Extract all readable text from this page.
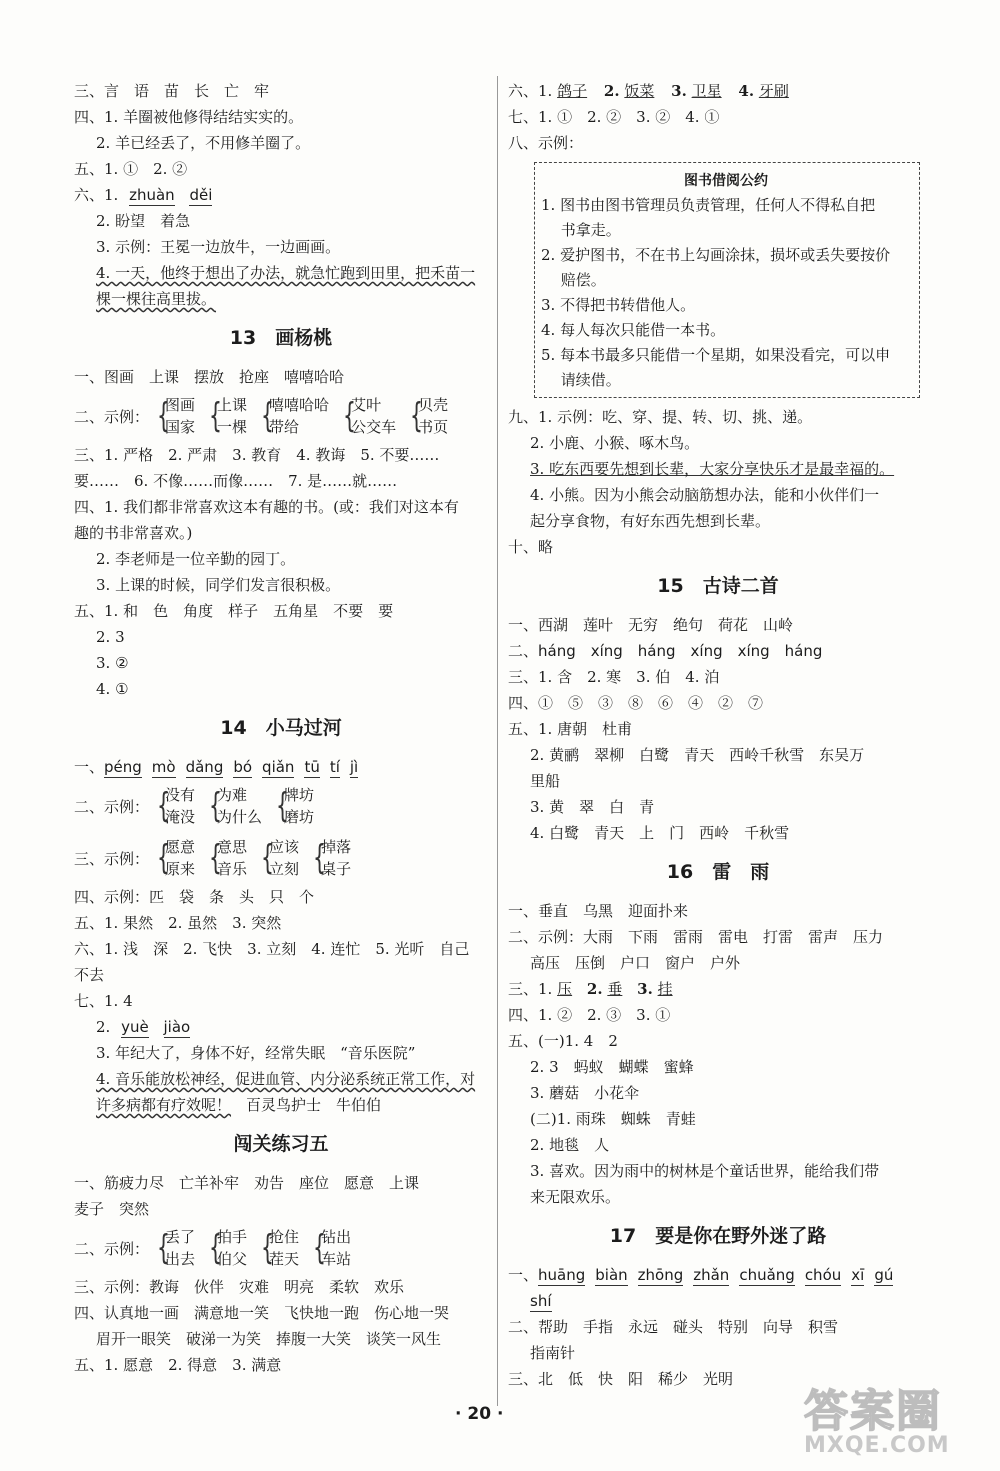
三、言　语　苗　长　亡　牢
四、1. 羊圈被他修得结结实实的。
2. 羊已经丢了，不用修羊圈了。
五、1. ①　2. ②
六、1. zhuàn děi
2. 盼望　着急
3. 示例：王冕一边放牛，一边画画。
4. 一天，他终于想出了办法，就急忙跑到田里，把禾苗一
棵一棵往高里拔。
13　画杨桃
一、图画　上课　摆放　抢座　嘻嘻哈哈
二、示例： {
图画
国家 {
上课
一棵 {
嘻嘻哈哈
带给	{
艾叶
公交车 {
贝壳
书页
三、1. 严格　2. 严肃　3. 教育　4. 教诲　5. 不要……
要……　6. 不像……而像……　7. 是……就……
四、1. 我们都非常喜欢这本有趣的书。(或：我们对这本有
趣的书非常喜欢。)
2. 李老师是一位辛勤的园丁。
3. 上课的时候，同学们发言很积极。
五、1. 和　色　角度　样子　五角星　不要　要
2. 3
3. ②
4. ①
14　小马过河
一、péng mò dǎng bó qiǎn tū tí jì
二、示例： {
没有
淹没 {
为难
为什么 {
牌坊
磨坊
三、示例： {
愿意
原来 {
意思
音乐 {
应该
立刻 {
掉落
桌子
四、示例：匹　袋　条　头　只　个
五、1. 果然　2. 虽然　3. 突然
六、1. 浅　深　2. 飞快　3. 立刻　4. 连忙　5. 光听　自己
不去
七、1. 4
2. yuè jiào
3. 年纪大了，身体不好，经常失眠　“音乐医院”
4. 音乐能放松神经，促进血管、内分泌系统正常工作，对
许多病都有疗效呢！　百灵鸟护士　牛伯伯
闯关练习五
一、筋疲力尽　亡羊补牢　劝告　座位　愿意　上课
麦子　突然
二、示例： {
丢了
出去 {
拍手
伯父 {
抢住
茬天 {
钻出
车站
三、示例：教诲　伙伴　灾难　明亮　柔软　欢乐
四、认真地一画　满意地一笑　飞快地一跑　伤心地一哭
眉开一眼笑　破涕一为笑　捧腹一大笑　谈笑一风生
五、1. 愿意　2. 得意　3. 满意
六、1. 鸽子 2. 饭菜 3. 卫星 4. 牙刷
七、1. ①　2. ②　3. ②　4. ①
八、示例：
图书借阅公约
1. 图书由图书管理员负责管理，任何人不得私自把
　 书拿走。
2. 爱护图书，不在书上勾画涂抹，损坏或丢失要按价
　 赔偿。
3. 不得把书转借他人。
4. 每人每次只能借一本书。
5. 每本书最多只能借一个星期，如果没看完，可以申
　 请续借。
九、1. 示例：吃、穿、提、转、切、挑、递。
2. 小鹿、小猴、啄木鸟。
3. 吃东西要先想到长辈，大家分享快乐才是最幸福的。
4. 小熊。因为小熊会动脑筋想办法，能和小伙伴们一
起分享食物，有好东西先想到长辈。
十、略
15　古诗二首
一、西湖　莲叶　无穷　绝句　荷花　山岭
二、háng　xíng　háng　xíng　xíng　háng
三、1. 含　2. 寒　3. 伯　4. 泊
四、①　⑤　③　⑧　⑥　④　②　⑦
五、1. 唐朝　杜甫
2. 黄鹂　翠柳　白鹭　青天　西岭千秋雪　东吴万
里船
3. 黄　翠　白　青
4. 白鹭　青天　上　门　西岭　千秋雪
16　雷　雨
一、垂直　乌黑　迎面扑来
二、示例：大雨　下雨　雷雨　雷电　打雷　雷声　压力
高压　压倒　户口　窗户　户外
三、1. 压 2. 垂 3. 挂
四、1. ②　2. ③　3. ①
五、(一)1. 4　2
2. 3　蚂蚁　蝴蝶　蜜蜂
3. 蘑菇　小花伞
(二)1. 雨珠　蜘蛛　青蛙
2. 地毯　人
3. 喜欢。因为雨中的树林是个童话世界，能给我们带
来无限欢乐。
17　要是你在野外迷了路
一、huāng biàn zhōng zhǎn chuǎng chóu xī gú
shí
二、帮助　手指　永远　碰头　特别　向导　积雪
指南针
三、北　低　快　阳　稀少　光明
· 20 ·	答案圈
MXQE.COM
